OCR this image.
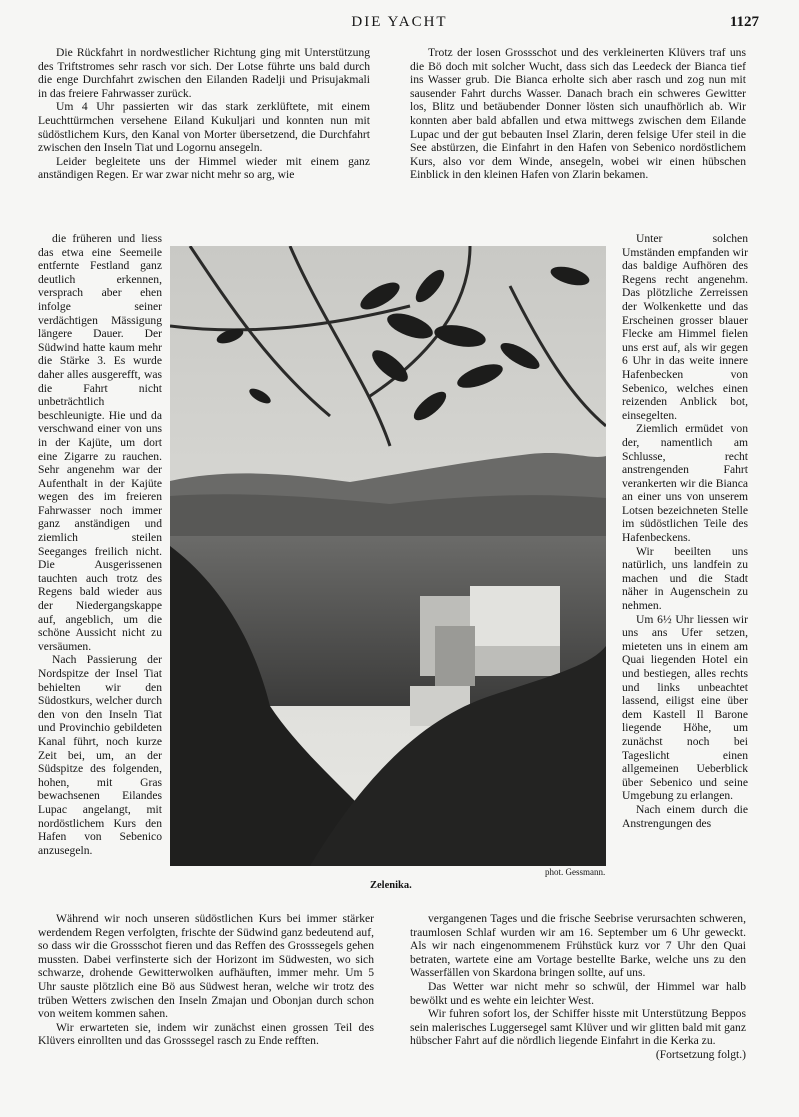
DIE YACHT	1127

Die Rückfahrt in nordwestlicher Richtung ging mit Unterstützung des Triftstromes sehr rasch vor sich. Der Lotse führte uns bald durch die enge Durchfahrt zwischen den Eilanden Radelji und Prisujakmali in das freiere Fahrwasser zurück.

Um 4 Uhr passierten wir das stark zerklüftete, mit einem Leuchttürmchen versehene Eiland Kukuljari und konnten nun mit südöstlichem Kurs, den Kanal von Morter übersetzend, die Durchfahrt zwischen den Inseln Tiat und Logornu ansegeln.

Leider begleitete uns der Himmel wieder mit einem ganz anständigen Regen. Er war zwar nicht mehr so arg, wie

Trotz der losen Grossschot und des verkleinerten Klüvers traf uns die Bö doch mit solcher Wucht, dass sich das Leedeck der Bianca tief ins Wasser grub. Die Bianca erholte sich aber rasch und zog nun mit sausender Fahrt durchs Wasser. Danach brach ein schweres Gewitter los, Blitz und betäubender Donner lösten sich unaufhörlich ab. Wir konnten aber bald abfallen und etwa mittwegs zwischen dem Eilande Lupac und der gut bebauten Insel Zlarin, deren felsige Ufer steil in die See abstürzen, die Einfahrt in den Hafen von Sebenico nordöstlichem Kurs, also vor dem Winde, ansegeln, wobei wir einen hübschen Einblick in den kleinen Hafen von Zlarin bekamen.

die früheren und liess das etwa eine Seemeile entfernte Festland ganz deutlich erkennen, versprach aber ehen infolge seiner verdächtigen Mässigung längere Dauer. Der Südwind hatte kaum mehr die Stärke 3. Es wurde daher alles ausgerefft, was die Fahrt nicht unbeträchtlich beschleunigte. Hie und da verschwand einer von uns in der Kajüte, um dort eine Zigarre zu rauchen. Sehr angenehm war der Aufenthalt in der Kajüte wegen des im freieren Fahrwasser noch immer ganz anständigen und ziemlich steilen Seeganges freilich nicht. Die Ausgerissenen tauchten auch trotz des Regens bald wieder aus der Niedergangskappe auf, angeblich, um die schöne Aussicht nicht zu versäumen.

Nach Passierung der Nordspitze der Insel Tiat behielten wir den Südostkurs, welcher durch den von den Inseln Tiat und Provinchio gebildeten Kanal führt, noch kurze Zeit bei, um, an der Südspitze des folgenden, hohen, mit Gras bewachsenen Eilandes Lupac angelangt, mit nordöstlichem Kurs den Hafen von Sebenico anzusegeln.

Unter solchen Umständen empfanden wir das baldige Aufhören des Regens recht angenehm. Das plötzliche Zerreissen der Wolkenkette und das Erscheinen grosser blauer Flecke am Himmel fielen uns erst auf, als wir gegen 6 Uhr in das weite innere Hafenbecken von Sebenico, welches einen reizenden Anblick bot, einsegelten.

Ziemlich ermüdet von der, namentlich am Schlusse, recht anstrengenden Fahrt verankerten wir die Bianca an einer uns von unserem Lotsen bezeichneten Stelle im südöstlichen Teile des Hafenbeckens.

Wir beeilten uns natürlich, uns landfein zu machen und die Stadt näher in Augenschein zu nehmen.

Um 6½ Uhr liessen wir uns ans Ufer setzen, mieteten uns in einem am Quai liegenden Hotel ein und bestiegen, alles rechts und links unbeachtet lassend, eiligst eine über dem Kastell Il Barone liegende Höhe, um zunächst noch bei Tageslicht einen allgemeinen Ueberblick über Sebenico und seine Umgebung zu erlangen.

Nach einem durch die Anstrengungen des

phot. Gessmann.
Zelenika.

Während wir noch unseren südöstlichen Kurs bei immer stärker werdendem Regen verfolgten, frischte der Südwind ganz bedeutend auf, so dass wir die Grossschot fieren und das Reffen des Grosssegels gehen mussten. Dabei verfinsterte sich der Horizont im Südwesten, wo sich schwarze, drohende Gewitterwolken aufhäuften, immer mehr. Um 5 Uhr sauste plötzlich eine Bö aus Südwest heran, welche wir trotz des trüben Wetters zwischen den Inseln Zmajan und Obonjan durch schon von weitem kommen sahen.

Wir erwarteten sie, indem wir zunächst einen grossen Teil des Klüvers einrollten und das Grosssegel rasch zu Ende refften.

vergangenen Tages und die frische Seebrise verursachten schweren, traumlosen Schlaf wurden wir am 16. September um 6 Uhr geweckt. Als wir nach eingenommenem Frühstück kurz vor 7 Uhr den Quai betraten, wartete eine am Vortage bestellte Barke, welche uns zu den Wasserfällen von Skardona bringen sollte, auf uns.

Das Wetter war nicht mehr so schwül, der Himmel war halb bewölkt und es wehte ein leichter West.

Wir fuhren sofort los, der Schiffer hisste mit Unterstützung Beppos sein malerisches Luggersegel samt Klüver und wir glitten bald mit ganz hübscher Fahrt auf die nördlich liegende Einfahrt in die Kerka zu.

(Fortsetzung folgt.)
